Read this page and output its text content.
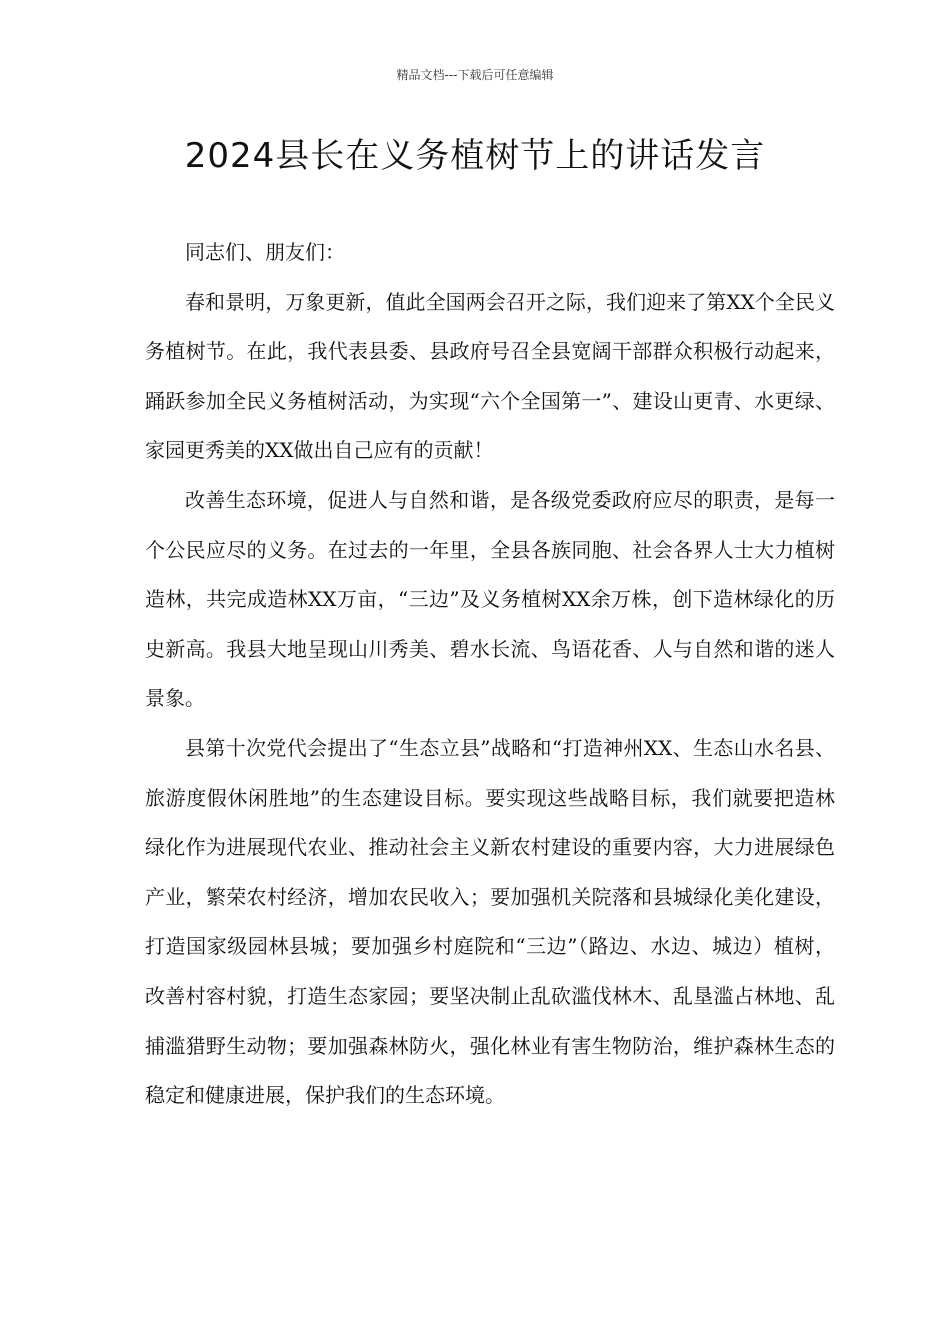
精品文档---下载后可任意编辑
2024县长在义务植树节上的讲话发言

同志们、朋友们：

春和景明，万象更新，值此全国两会召开之际，我们迎来了第XX个全民义务植树节。在此，我代表县委、县政府号召全县宽阔干部群众积极行动起来，踊跃参加全民义务植树活动，为实现“六个全国第一”、建设山更青、水更绿、家园更秀美的XX做出自己应有的贡献！

改善生态环境，促进人与自然和谐，是各级党委政府应尽的职责，是每一个公民应尽的义务。在过去的一年里，全县各族同胞、社会各界人士大力植树造林，共完成造林XX万亩，“三边”及义务植树XX余万株，创下造林绿化的历史新高。我县大地呈现山川秀美、碧水长流、鸟语花香、人与自然和谐的迷人景象。

县第十次党代会提出了“生态立县”战略和“打造神州XX、生态山水名县、旅游度假休闲胜地”的生态建设目标。要实现这些战略目标，我们就要把造林绿化作为进展现代农业、推动社会主义新农村建设的重要内容，大力进展绿色产业，繁荣农村经济，增加农民收入；要加强机关院落和县城绿化美化建设，打造国家级园林县城；要加强乡村庭院和“三边”（路边、水边、城边）植树，改善村容村貌，打造生态家园；要坚决制止乱砍滥伐林木、乱垦滥占林地、乱捕滥猎野生动物；要加强森林防火，强化林业有害生物防治，维护森林生态的稳定和健康进展，保护我们的生态环境。
